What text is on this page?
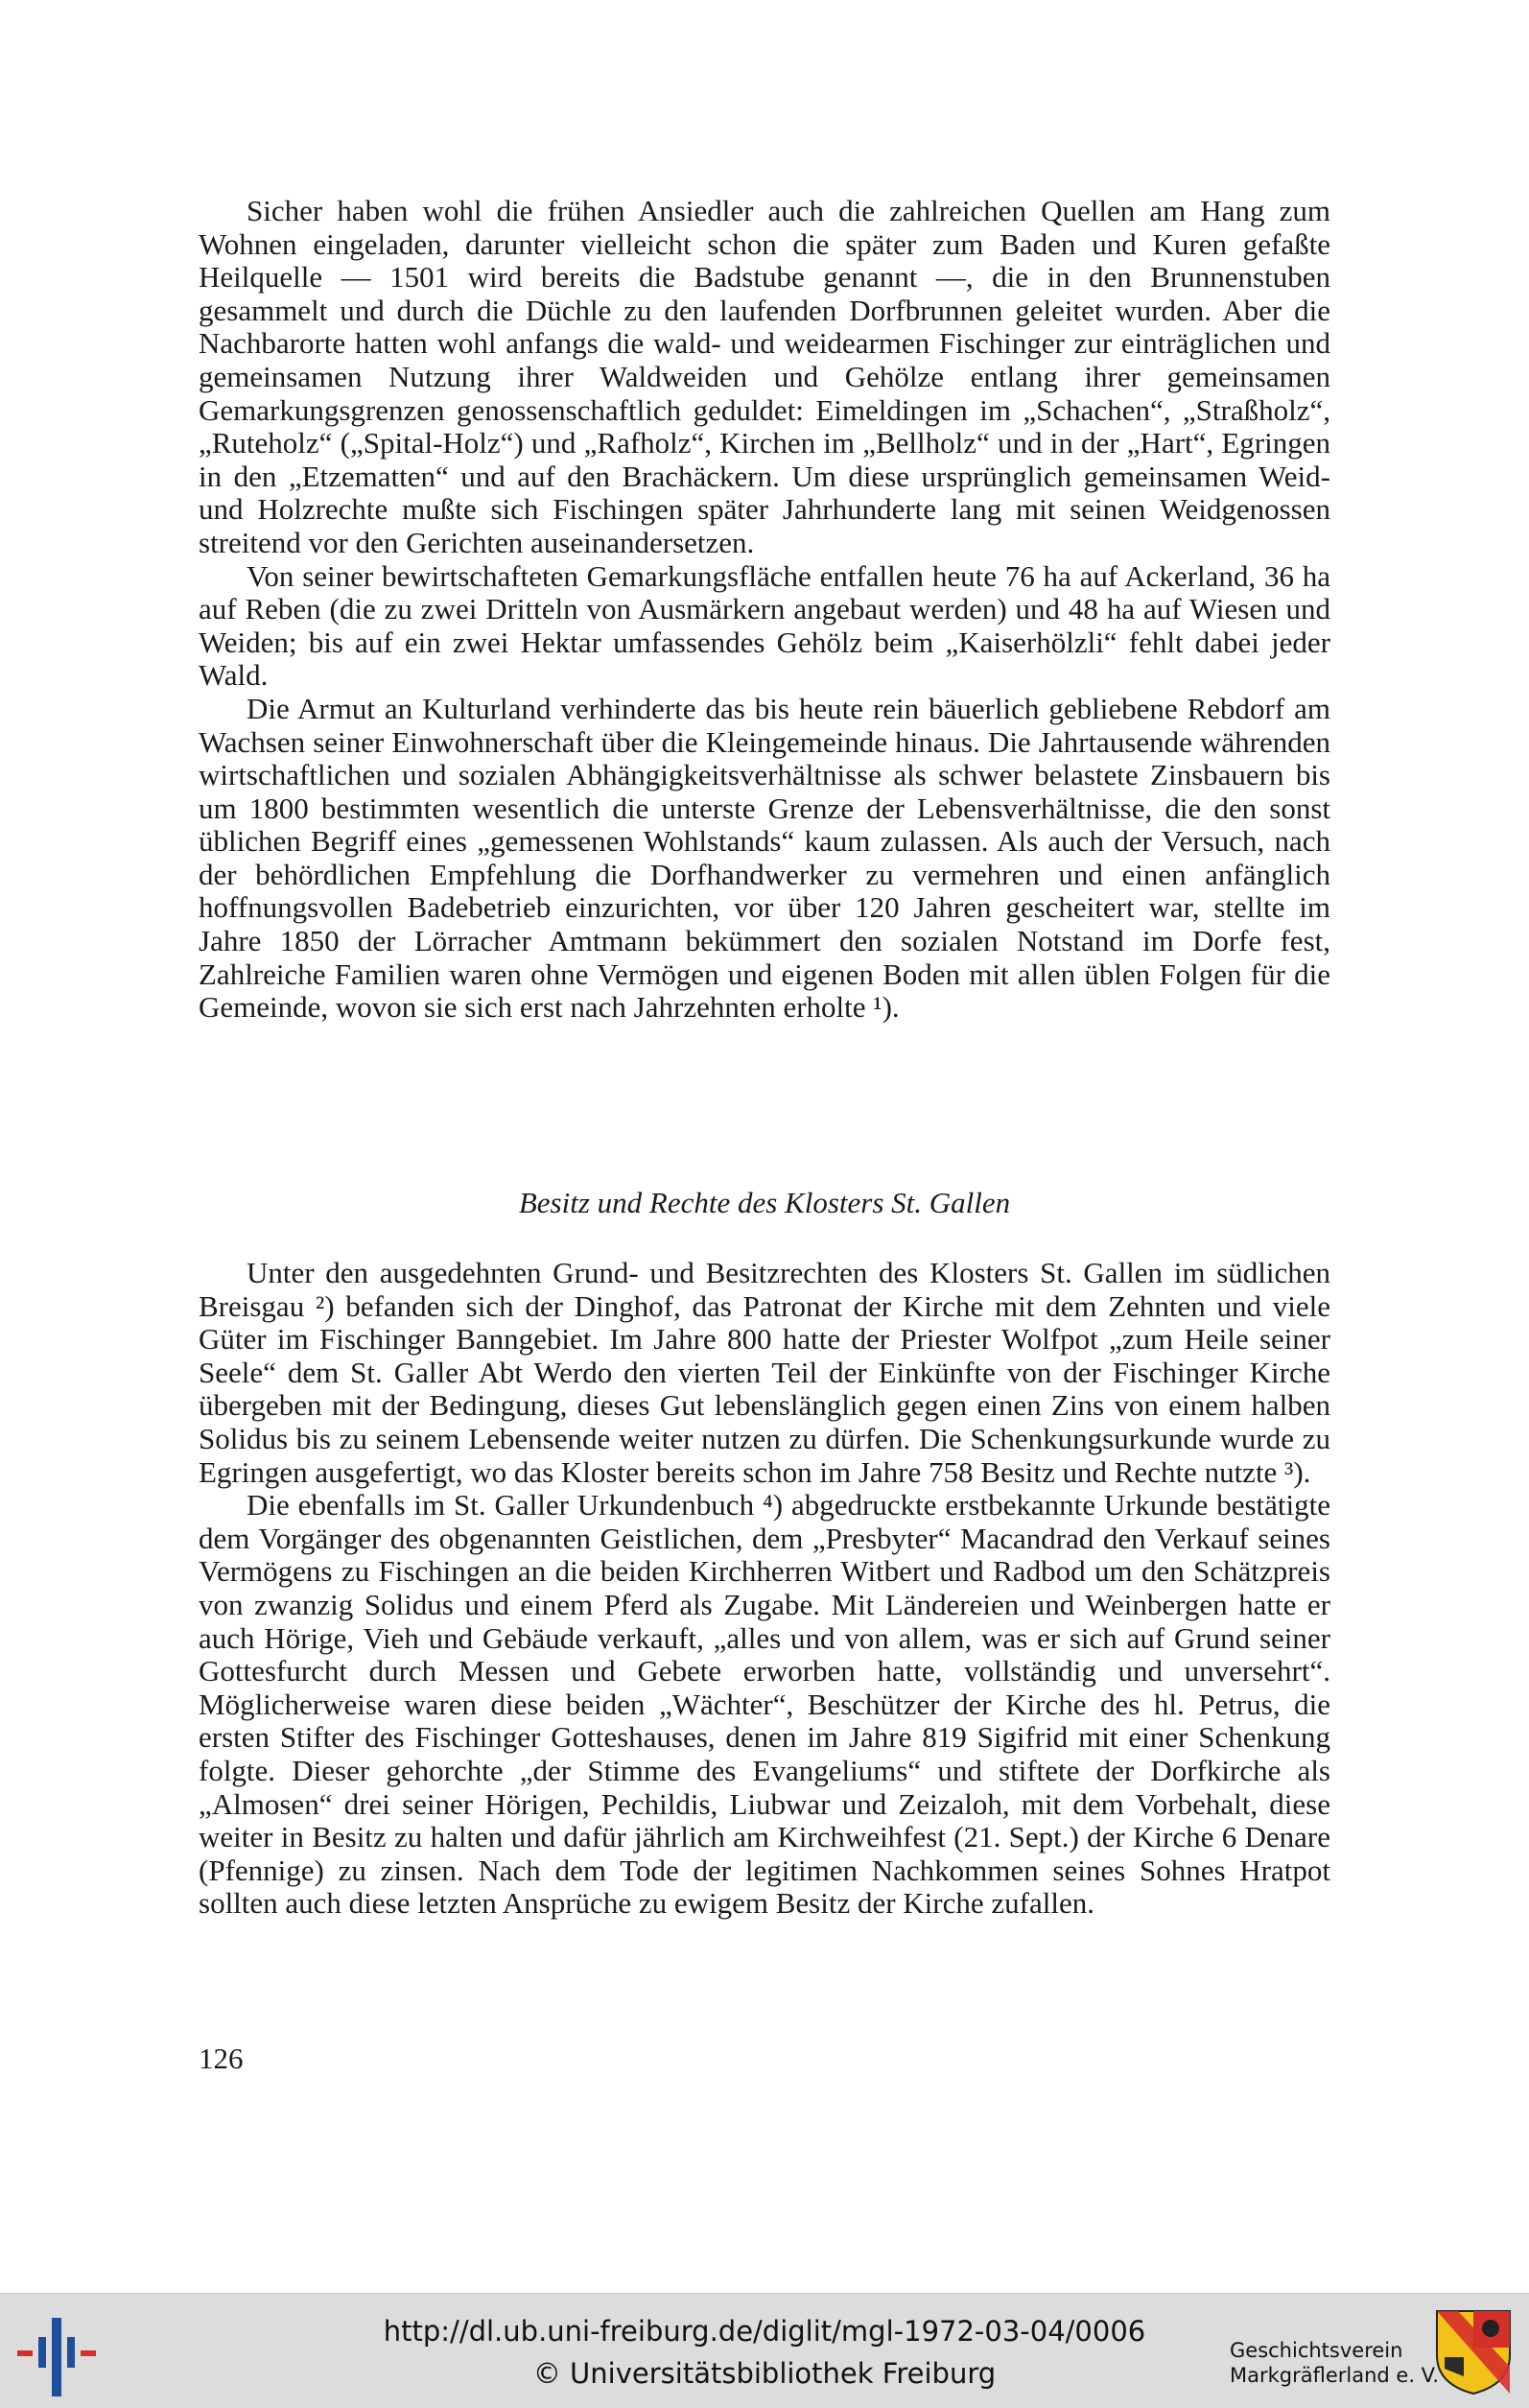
Sicher haben wohl die frühen Ansiedler auch die zahlreichen Quellen am Hang zum Wohnen eingeladen, darunter vielleicht schon die später zum Baden und Kuren gefaßte Heilquelle — 1501 wird bereits die Badstube genannt —, die in den Brunnenstuben gesammelt und durch die Düchle zu den laufenden Dorfbrunnen geleitet wurden. Aber die Nachbarorte hatten wohl anfangs die wald- und weidearmen Fischinger zur einträglichen und gemeinsamen Nutzung ihrer Waldweiden und Gehölze entlang ihrer gemeinsamen Gemarkungsgrenzen genossenschaftlich geduldet: Eimeldingen im „Schachen“, „Straßholz“, „Ruteholz“ („Spital-Holz“) und „Rafholz“, Kirchen im „Bellholz“ und in der „Hart“, Egringen in den „Etzematten“ und auf den Brachäckern. Um diese ursprünglich gemeinsamen Weid- und Holzrechte mußte sich Fischingen später Jahrhunderte lang mit seinen Weidgenossen streitend vor den Gerichten auseinandersetzen.

Von seiner bewirtschafteten Gemarkungsfläche entfallen heute 76 ha auf Ackerland, 36 ha auf Reben (die zu zwei Dritteln von Ausmärkern angebaut werden) und 48 ha auf Wiesen und Weiden; bis auf ein zwei Hektar umfassendes Gehölz beim „Kaiserhölzli“ fehlt dabei jeder Wald.

Die Armut an Kulturland verhinderte das bis heute rein bäuerlich gebliebene Rebdorf am Wachsen seiner Einwohnerschaft über die Kleingemeinde hinaus. Die Jahrtausende währenden wirtschaftlichen und sozialen Abhängigkeitsverhältnisse als schwer belastete Zinsbauern bis um 1800 bestimmten wesentlich die unterste Grenze der Lebensverhältnisse, die den sonst üblichen Begriff eines „gemessenen Wohlstands“ kaum zulassen. Als auch der Versuch, nach der behördlichen Empfehlung die Dorfhandwerker zu vermehren und einen anfänglich hoffnungsvollen Badebetrieb einzurichten, vor über 120 Jahren gescheitert war, stellte im Jahre 1850 der Lörracher Amtmann bekümmert den sozialen Notstand im Dorfe fest, Zahlreiche Familien waren ohne Vermögen und eigenen Boden mit allen üblen Folgen für die Gemeinde, wovon sie sich erst nach Jahrzehnten erholte ¹).

Besitz und Rechte des Klosters St. Gallen

Unter den ausgedehnten Grund- und Besitzrechten des Klosters St. Gallen im südlichen Breisgau ²) befanden sich der Dinghof, das Patronat der Kirche mit dem Zehnten und viele Güter im Fischinger Banngebiet. Im Jahre 800 hatte der Priester Wolfpot „zum Heile seiner Seele“ dem St. Galler Abt Werdo den vierten Teil der Einkünfte von der Fischinger Kirche übergeben mit der Bedingung, dieses Gut lebenslänglich gegen einen Zins von einem halben Solidus bis zu seinem Lebensende weiter nutzen zu dürfen. Die Schenkungsurkunde wurde zu Egringen ausgefertigt, wo das Kloster bereits schon im Jahre 758 Besitz und Rechte nutzte ³).

Die ebenfalls im St. Galler Urkundenbuch ⁴) abgedruckte erstbekannte Urkunde bestätigte dem Vorgänger des obgenannten Geistlichen, dem „Presbyter“ Macandrad den Verkauf seines Vermögens zu Fischingen an die beiden Kirchherren Witbert und Radbod um den Schätzpreis von zwanzig Solidus und einem Pferd als Zugabe. Mit Ländereien und Weinbergen hatte er auch Hörige, Vieh und Gebäude verkauft, „alles und von allem, was er sich auf Grund seiner Gottesfurcht durch Messen und Gebete erworben hatte, vollständig und unversehrt“. Möglicherweise waren diese beiden „Wächter“, Beschützer der Kirche des hl. Petrus, die ersten Stifter des Fischinger Gotteshauses, denen im Jahre 819 Sigifrid mit einer Schenkung folgte. Dieser gehorchte „der Stimme des Evangeliums“ und stiftete der Dorfkirche als „Almosen“ drei seiner Hörigen, Pechildis, Liubwar und Zeizaloh, mit dem Vorbehalt, diese weiter in Besitz zu halten und dafür jährlich am Kirchweihfest (21. Sept.) der Kirche 6 Denare (Pfennige) zu zinsen. Nach dem Tode der legitimen Nachkommen seines Sohnes Hratpot sollten auch diese letzten Ansprüche zu ewigem Besitz der Kirche zufallen.

126
http://dl.ub.uni-freiburg.de/diglit/mgl-1972-03-04/0006
© Universitätsbibliothek Freiburg
Geschichtsverein
Markgräflerland e. V.
